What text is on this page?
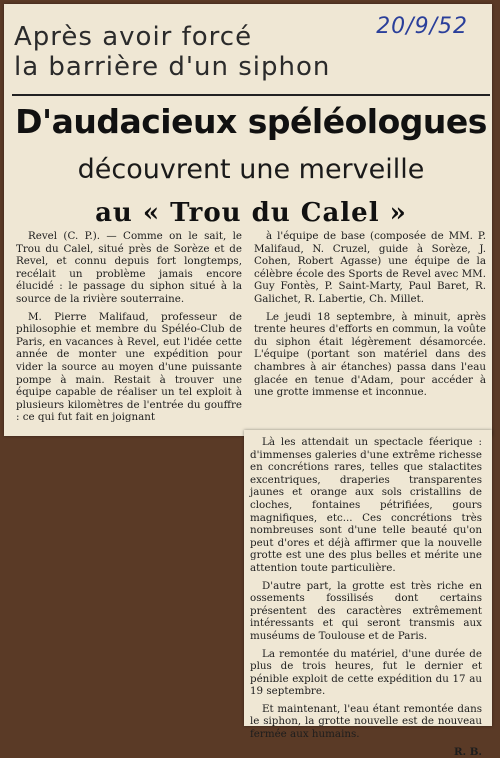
20/9/52
Après avoir forcé
la barrière d'un siphon
D'audacieux spéléologues
découvrent une merveille
au « Trou du Calel »

Revel (C. P.). — Comme on le sait, le Trou du Calel, situé près de Sorèze et de Revel, et connu depuis fort longtemps, recélait un problème jamais encore élucidé : le passage du siphon situé à la source de la rivière souterraine.

M. Pierre Malifaud, professeur de philosophie et membre du Spéléo-Club de Paris, en vacances à Revel, eut l'idée cette année de monter une expédition pour vider la source au moyen d'une puissante pompe à main. Restait à trouver une équipe capable de réaliser un tel exploit à plusieurs kilomètres de l'entrée du gouffre : ce qui fut fait en joignant

à l'équipe de base (composée de MM. P. Malifaud, N. Cruzel, guide à Sorèze, J. Cohen, Robert Agasse) une équipe de la célèbre école des Sports de Revel avec MM. Guy Fontès, P. Saint-Marty, Paul Baret, R. Galichet, R. Labertie, Ch. Millet.

Le jeudi 18 septembre, à minuit, après trente heures d'efforts en commun, la voûte du siphon était légèrement désamorcée. L'équipe (portant son matériel dans des chambres à air étanches) passa dans l'eau glacée en tenue d'Adam, pour accéder à une grotte immense et inconnue.

Là les attendait un spectacle féerique : d'immenses galeries d'une extrême richesse en concrétions rares, telles que stalactites excentriques, draperies transparentes jaunes et orange aux sols cristallins de cloches, fontaines pétrifiées, gours magnifiques, etc... Ces concrétions très nombreuses sont d'une telle beauté qu'on peut d'ores et déjà affirmer que la nouvelle grotte est une des plus belles et mérite une attention toute particulière.

D'autre part, la grotte est très riche en ossements fossilisés dont certains présentent des caractères extrêmement intéressants et qui seront transmis aux muséums de Toulouse et de Paris.

La remontée du matériel, d'une durée de plus de trois heures, fut le dernier et pénible exploit de cette expédition du 17 au 19 septembre.

Et maintenant, l'eau étant remontée dans le siphon, la grotte nouvelle est de nouveau fermée aux humains.

R. B.
